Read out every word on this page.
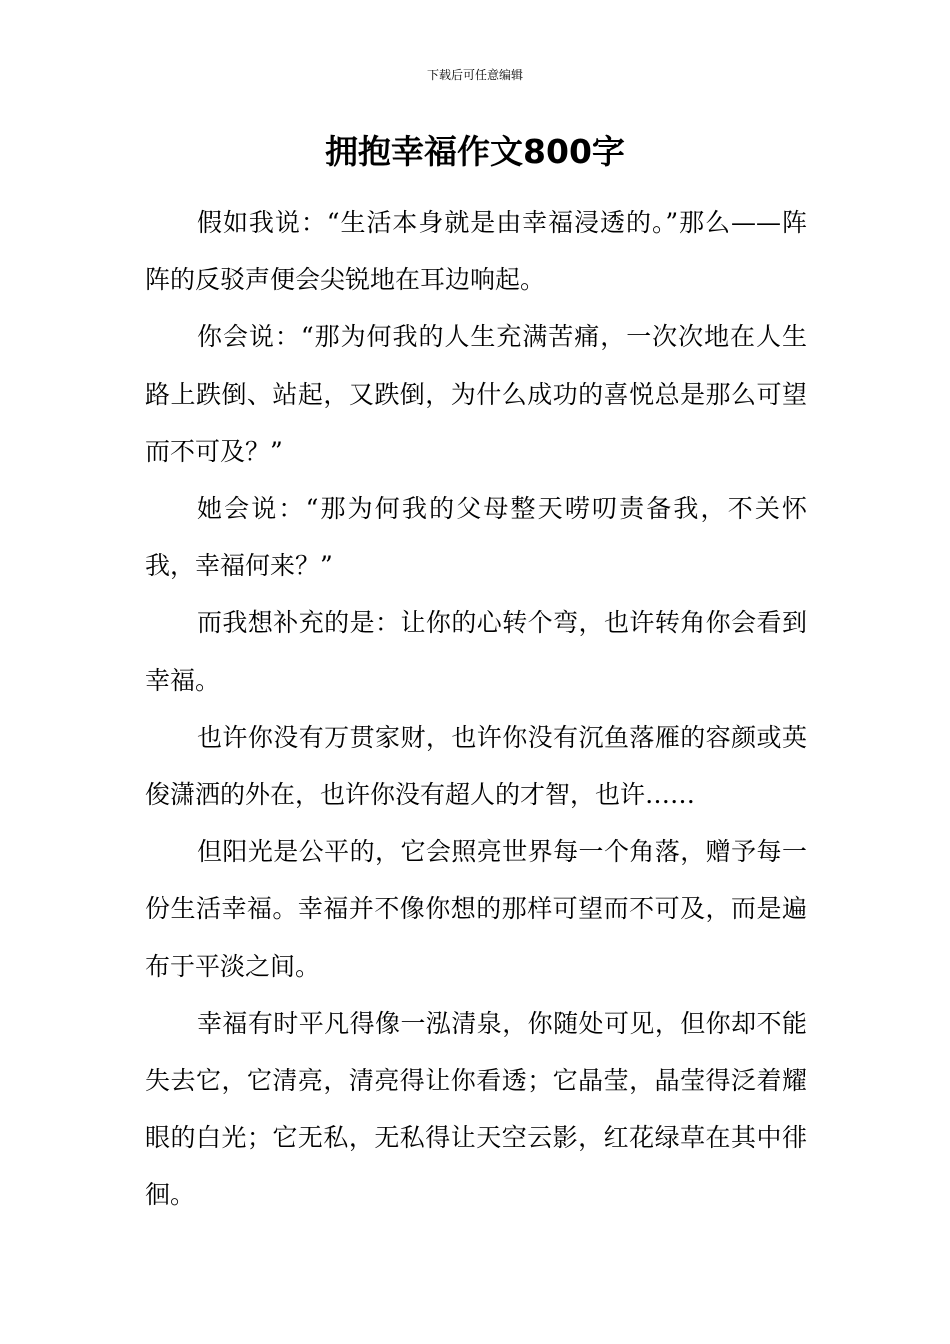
下载后可任意编辑
拥抱幸福作文800字

假如我说：“生活本身就是由幸福浸透的。”那么——阵阵的反驳声便会尖锐地在耳边响起。

你会说：“那为何我的人生充满苦痛，一次次地在人生路上跌倒、站起，又跌倒，为什么成功的喜悦总是那么可望而不可及？”

她会说：“那为何我的父母整天唠叨责备我，不关怀我，幸福何来？”

而我想补充的是：让你的心转个弯，也许转角你会看到幸福。

也许你没有万贯家财，也许你没有沉鱼落雁的容颜或英俊潇洒的外在，也许你没有超人的才智，也许……

但阳光是公平的，它会照亮世界每一个角落，赠予每一份生活幸福。幸福并不像你想的那样可望而不可及，而是遍布于平淡之间。

幸福有时平凡得像一泓清泉，你随处可见，但你却不能失去它，它清亮，清亮得让你看透；它晶莹，晶莹得泛着耀眼的白光；它无私，无私得让天空云影，红花绿草在其中徘徊。
